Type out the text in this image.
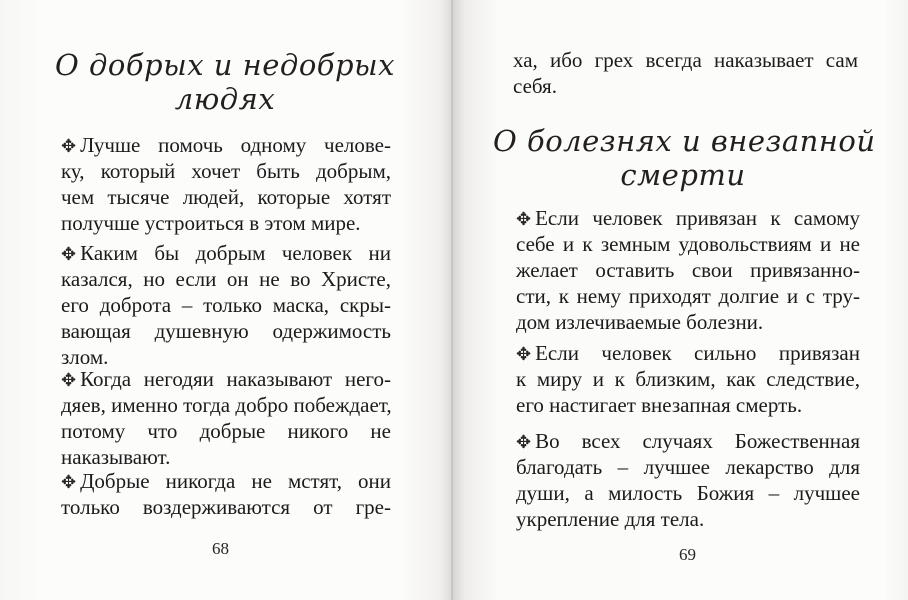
О добрых и недобрых
людях
✥ Лучше помочь одному челове-
ку, который хочет быть добрым,
чем тысяче людей, которые хотят
получше устроиться в этом мире.
✥ Каким бы добрым человек ни
казался, но если он не во Христе,
его доброта – только маска, скры-
вающая душевную одержимость
злом.
✥ Когда негодяи наказывают него-
дяев, именно тогда добро побеждает,
потому что добрые никого не
наказывают.
✥ Добрые никогда не мстят, они
только воздерживаются от гре-
68
ха, ибо грех всегда наказывает сам
себя.
О болезнях и внезапной
смерти
✥ Если человек привязан к самому
себе и к земным удовольствиям и не
желает оставить свои привязанно-
сти, к нему приходят долгие и с тру-
дом излечиваемые болезни.
✥ Если человек сильно привязан
к миру и к близким, как следствие,
его настигает внезапная смерть.
✥ Во всех случаях Божественная
благодать – лучшее лекарство для
души, а милость Божия – лучшее
укрепление для тела.
69
